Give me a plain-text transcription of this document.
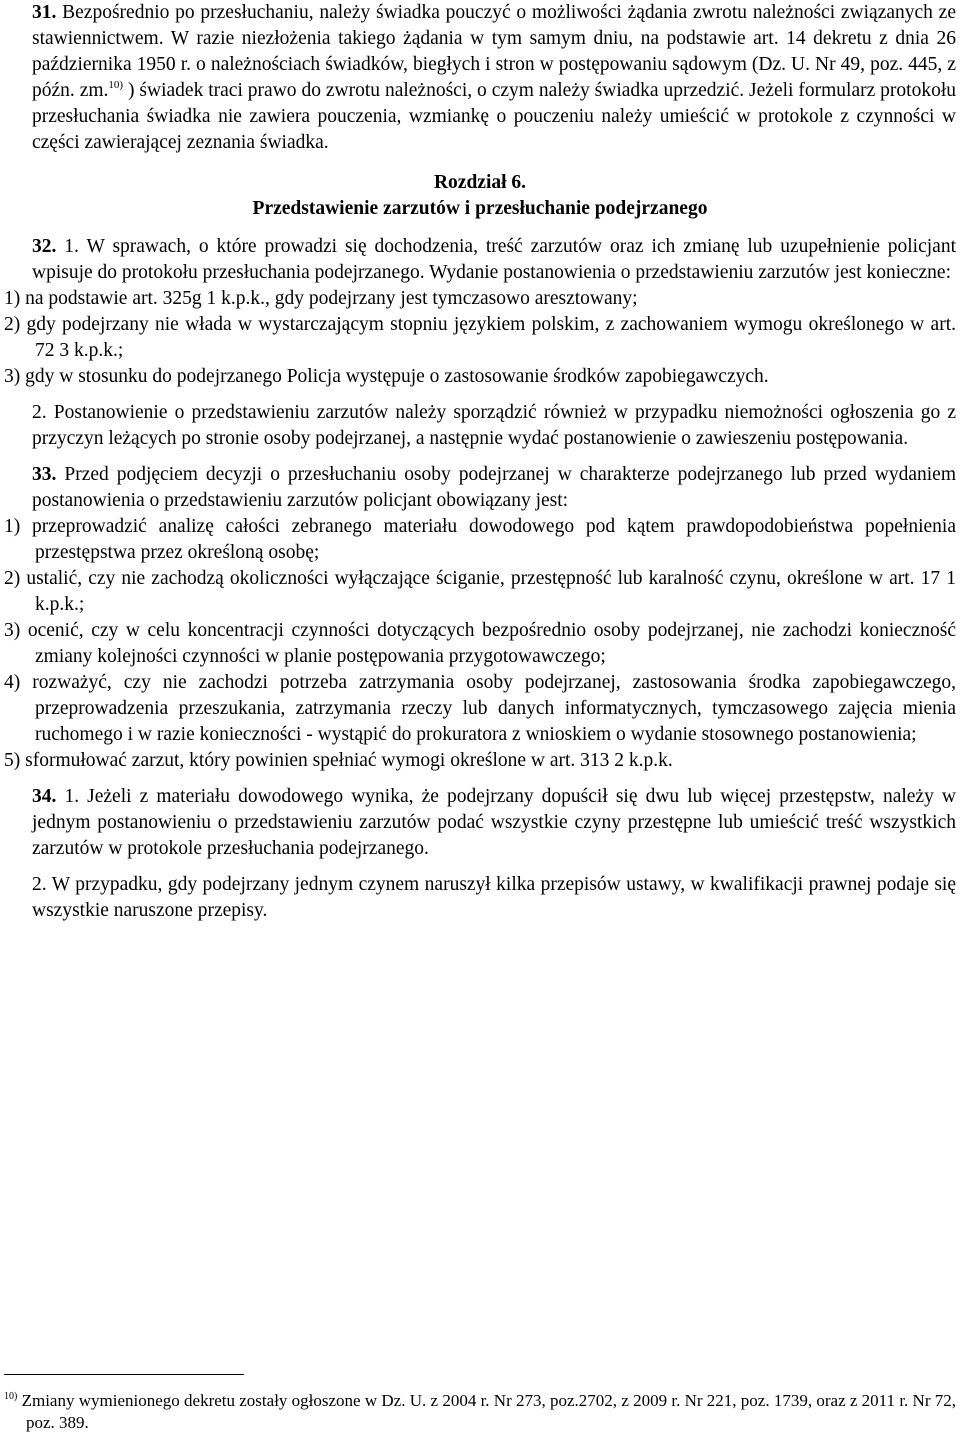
31. Bezpośrednio po przesłuchaniu, należy świadka pouczyć o możliwości żądania zwrotu należności związanych ze stawiennictwem. W razie niezłożenia takiego żądania w tym samym dniu, na podstawie art. 14 dekretu z dnia 26 października 1950 r. o należnościach świadków, biegłych i stron w postępowaniu sądowym (Dz. U. Nr 49, poz. 445, z późn. zm.$^{10)}$ ) świadek traci prawo do zwrotu należności, o czym należy świadka uprzedzić. Jeżeli formularz protokołu przesłuchania świadka nie zawiera pouczenia, wzmiankę o pouczeniu należy umieścić w protokole z czynności w części zawierającej zeznania świadka.

Rozdział 6.

Przedstawienie zarzutów i przesłuchanie podejrzanego

32. 1. W sprawach, o które prowadzi się dochodzenia, treść zarzutów oraz ich zmianę lub uzupełnienie policjant wpisuje do protokołu przesłuchania podejrzanego. Wydanie postanowienia o przedstawieniu zarzutów jest konieczne:

1) na podstawie art. 325g 1 k.p.k., gdy podejrzany jest tymczasowo aresztowany;

2) gdy podejrzany nie włada w wystarczającym stopniu językiem polskim, z zachowaniem wymogu określonego w art. 72 3 k.p.k.;

3) gdy w stosunku do podejrzanego Policja występuje o zastosowanie środków zapobiegawczych.

2. Postanowienie o przedstawieniu zarzutów należy sporządzić również w przypadku niemożności ogłoszenia go z przyczyn leżących po stronie osoby podejrzanej, a następnie wydać postanowienie o zawieszeniu postępowania.

33. Przed podjęciem decyzji o przesłuchaniu osoby podejrzanej w charakterze podejrzanego lub przed wydaniem postanowienia o przedstawieniu zarzutów policjant obowiązany jest:

1) przeprowadzić analizę całości zebranego materiału dowodowego pod kątem prawdopodobieństwa popełnienia przestępstwa przez określoną osobę;

2) ustalić, czy nie zachodzą okoliczności wyłączające ściganie, przestępność lub karalność czynu, określone w art. 17 1 k.p.k.;

3) ocenić, czy w celu koncentracji czynności dotyczących bezpośrednio osoby podejrzanej, nie zachodzi konieczność zmiany kolejności czynności w planie postępowania przygotowawczego;

4) rozważyć, czy nie zachodzi potrzeba zatrzymania osoby podejrzanej, zastosowania środka zapobiegawczego, przeprowadzenia przeszukania, zatrzymania rzeczy lub danych informatycznych, tymczasowego zajęcia mienia ruchomego i w razie konieczności - wystąpić do prokuratora z wnioskiem o wydanie stosownego postanowienia;

5) sformułować zarzut, który powinien spełniać wymogi określone w art. 313 2 k.p.k.

34. 1. Jeżeli z materiału dowodowego wynika, że podejrzany dopuścił się dwu lub więcej przestępstw, należy w jednym postanowieniu o przedstawieniu zarzutów podać wszystkie czyny przestępne lub umieścić treść wszystkich zarzutów w protokole przesłuchania podejrzanego.

2. W przypadku, gdy podejrzany jednym czynem naruszył kilka przepisów ustawy, w kwalifikacji prawnej podaje się wszystkie naruszone przepisy.

$^{10)}$ Zmiany wymienionego dekretu zostały ogłoszone w Dz. U. z 2004 r. Nr 273, poz.2702, z 2009 r. Nr 221, poz. 1739, oraz z 2011 r. Nr 72, poz. 389.
